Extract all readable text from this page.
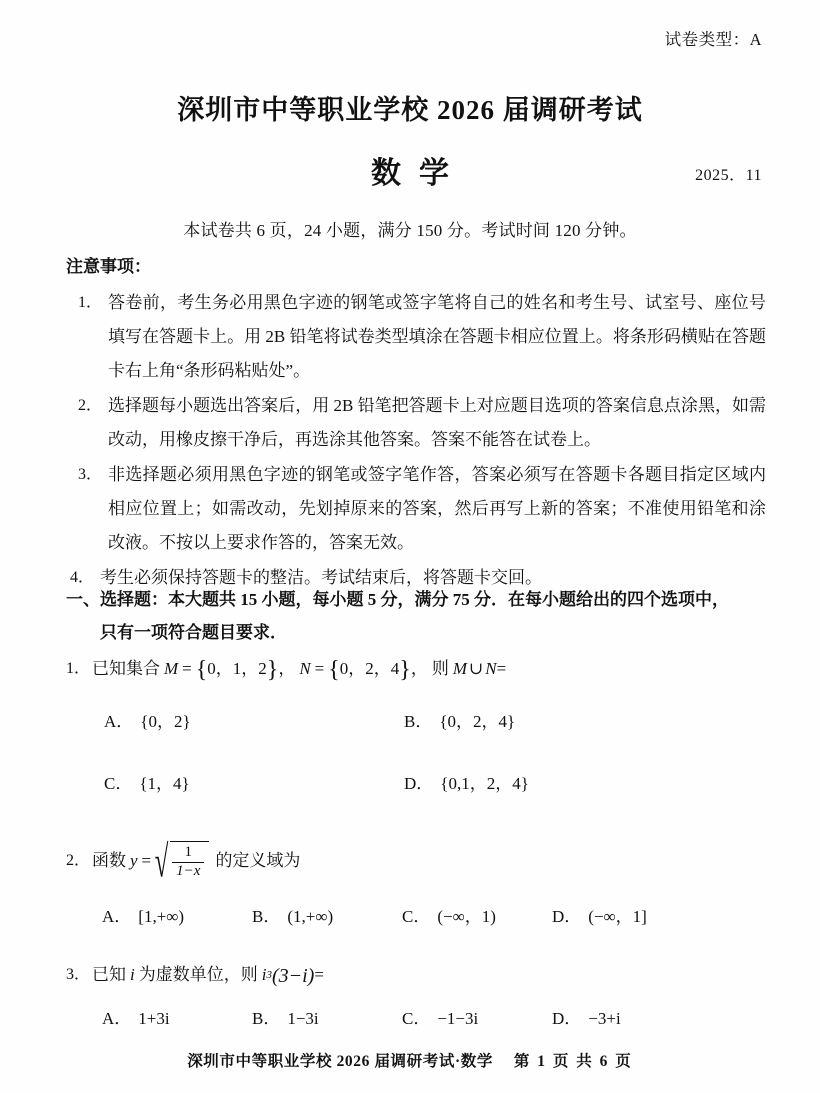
试卷类型：A
深圳市中等职业学校 2026 届调研考试
数学	2025．11
本试卷共 6 页，24 小题，满分 150 分。考试时间 120 分钟。
注意事项：
1． 答卷前，考生务必用黑色字迹的钢笔或签字笔将自己的姓名和考生号、试室号、座位号填写在答题卡上。用 2B 铅笔将试卷类型填涂在答题卡相应位置上。将条形码横贴在答题卡右上角“条形码粘贴处”。
2． 选择题每小题选出答案后，用 2B 铅笔把答题卡上对应题目选项的答案信息点涂黑，如需改动，用橡皮擦干净后，再选涂其他答案。答案不能答在试卷上。
3． 非选择题必须用黑色字迹的钢笔或签字笔作答，答案必须写在答题卡各题目指定区域内相应位置上；如需改动，先划掉原来的答案，然后再写上新的答案；不准使用铅笔和涂改液。不按以上要求作答的，答案无效。
4． 考生必须保持答题卡的整洁。考试结束后，将答题卡交回。
一、选择题：本大题共 15 小题，每小题 5 分，满分 75 分．在每小题给出的四个选项中，
只有一项符合题目要求．
1． 已知集合 M = { 0，1，2 } ， N = { 0，2，4 } ， 则 M ∪ N =
A． {0，2}	B． {0，2，4}
C． {1，4}	D． {0,1，2，4}
2． 函数 y = √ $\frac{1}{1-x}$ 的定义域为
A． [1,+∞)	B． (1,+∞)	C． (−∞，1)	D． (−∞，1]
3． 已知 i 为虚数单位，则 i 3 (3−i) =
A． 1+3i	B． 1−3i	C． −1−3i	D． −3+i
深圳市中等职业学校 2026 届调研考试·数学 第 1 页 共 6 页
